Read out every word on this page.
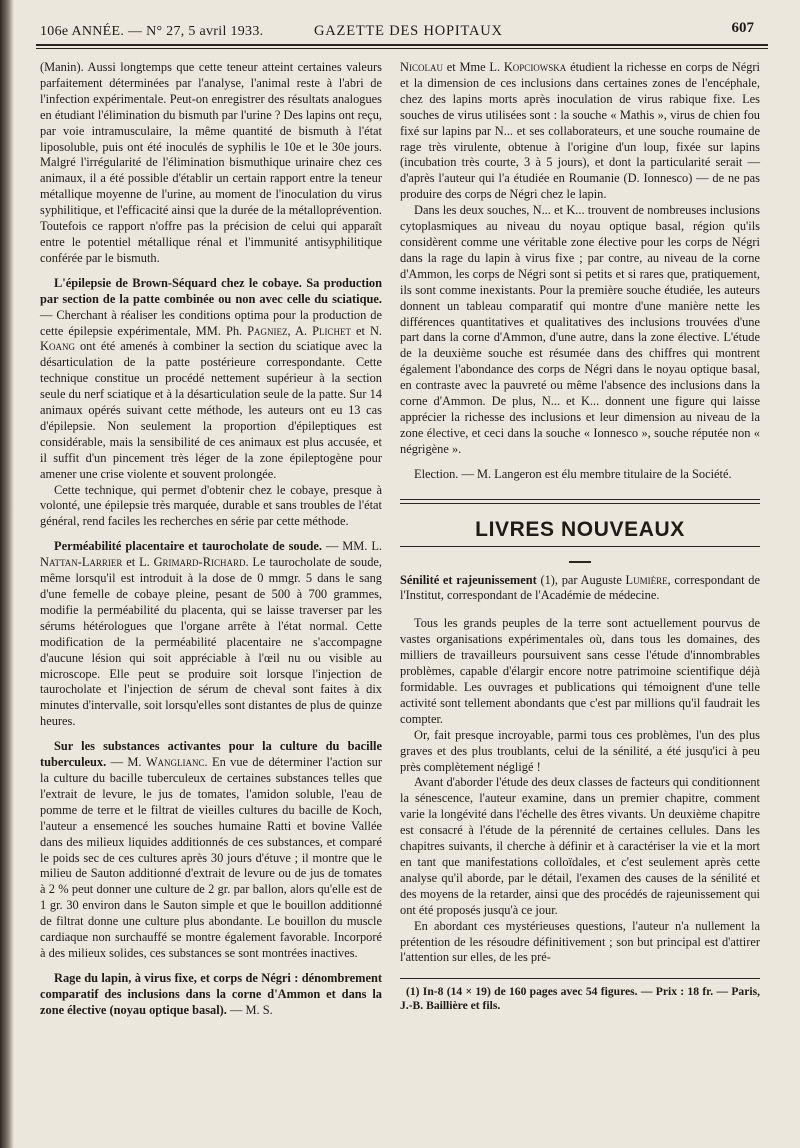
106e ANNÉE. — N° 27, 5 avril 1933.	GAZETTE DES HOPITAUX	607

(Manin). Aussi longtemps que cette teneur atteint certaines valeurs parfaitement déterminées par l'analyse, l'animal reste à l'abri de l'infection expérimentale. Peut-on enregistrer des résultats analogues en étudiant l'élimination du bismuth par l'urine ? Des lapins ont reçu, par voie intramusculaire, la même quantité de bismuth à l'état liposoluble, puis ont été inoculés de syphilis le 10e et le 30e jours. Malgré l'irrégularité de l'élimination bismuthique urinaire chez ces animaux, il a été possible d'établir un certain rapport entre la teneur métallique moyenne de l'urine, au moment de l'inoculation du virus syphilitique, et l'efficacité ainsi que la durée de la métalloprévention. Toutefois ce rapport n'offre pas la précision de celui qui apparaît entre le potentiel métallique rénal et l'immunité antisyphilitique conférée par le bismuth.

L'épilepsie de Brown-Séquard chez le cobaye. Sa production par section de la patte combinée ou non avec celle du sciatique. — Cherchant à réaliser les conditions optima pour la production de cette épilepsie expérimentale, MM. Ph. Pagniez, A. Plichet et N. Koang ont été amenés à combiner la section du sciatique avec la désarticulation de la patte postérieure correspondante. Cette technique constitue un procédé nettement supérieur à la section seule du nerf sciatique et à la désarticulation seule de la patte. Sur 14 animaux opérés suivant cette méthode, les auteurs ont eu 13 cas d'épilepsie. Non seulement la proportion d'épileptiques est considérable, mais la sensibilité de ces animaux est plus accusée, et il suffit d'un pincement très léger de la zone épileptogène pour amener une crise violente et souvent prolongée.

Cette technique, qui permet d'obtenir chez le cobaye, presque à volonté, une épilepsie très marquée, durable et sans troubles de l'état général, rend faciles les recherches en série par cette méthode.

Perméabilité placentaire et taurocholate de soude. — MM. L. Nattan-Larrier et L. Grimard-Richard. Le taurocholate de soude, même lorsqu'il est introduit à la dose de 0 mmgr. 5 dans le sang d'une femelle de cobaye pleine, pesant de 500 à 700 grammes, modifie la perméabilité du placenta, qui se laisse traverser par les sérums hétérologues que l'organe arrête à l'état normal. Cette modification de la perméabilité placentaire ne s'accompagne d'aucune lésion qui soit appréciable à l'œil nu ou visible au microscope. Elle peut se produire soit lorsque l'injection de taurocholate et l'injection de sérum de cheval sont faites à dix minutes d'intervalle, soit lorsqu'elles sont distantes de plus de quinze heures.

Sur les substances activantes pour la culture du bacille tuberculeux. — M. Wanglianc. En vue de déterminer l'action sur la culture du bacille tuberculeux de certaines substances telles que l'extrait de levure, le jus de tomates, l'amidon soluble, l'eau de pomme de terre et le filtrat de vieilles cultures du bacille de Koch, l'auteur a ensemencé les souches humaine Ratti et bovine Vallée dans des milieux liquides additionnés de ces substances, et comparé le poids sec de ces cultures après 30 jours d'étuve ; il montre que le milieu de Sauton additionné d'extrait de levure ou de jus de tomates à 2 % peut donner une culture de 2 gr. par ballon, alors qu'elle est de 1 gr. 30 environ dans le Sauton simple et que le bouillon additionné de filtrat donne une culture plus abondante. Le bouillon du muscle cardiaque non surchauffé se montre également favorable. Incorporé à des milieux solides, ces substances se sont montrées inactives.

Rage du lapin, à virus fixe, et corps de Négri : dénombrement comparatif des inclusions dans la corne d'Ammon et dans la zone élective (noyau optique basal). — M. S.

Nicolau et Mme L. Kopciowska étudient la richesse en corps de Négri et la dimension de ces inclusions dans certaines zones de l'encéphale, chez des lapins morts après inoculation de virus rabique fixe. Les souches de virus utilisées sont : la souche « Mathis », virus de chien fou fixé sur lapins par N... et ses collaborateurs, et une souche roumaine de rage très virulente, obtenue à l'origine d'un loup, fixée sur lapins (incubation très courte, 3 à 5 jours), et dont la particularité serait — d'après l'auteur qui l'a étudiée en Roumanie (D. Ionnesco) — de ne pas produire des corps de Négri chez le lapin.

Dans les deux souches, N... et K... trouvent de nombreuses inclusions cytoplasmiques au niveau du noyau optique basal, région qu'ils considèrent comme une véritable zone élective pour les corps de Négri dans la rage du lapin à virus fixe ; par contre, au niveau de la corne d'Ammon, les corps de Négri sont si petits et si rares que, pratiquement, ils sont comme inexistants. Pour la première souche étudiée, les auteurs donnent un tableau comparatif qui montre d'une manière nette les différences quantitatives et qualitatives des inclusions trouvées d'une part dans la corne d'Ammon, d'une autre, dans la zone élective. L'étude de la deuxième souche est résumée dans des chiffres qui montrent également l'abondance des corps de Négri dans le noyau optique basal, en contraste avec la pauvreté ou même l'absence des inclusions dans la corne d'Ammon. De plus, N... et K... donnent une figure qui laisse apprécier la richesse des inclusions et leur dimension au niveau de la zone élective, et ceci dans la souche « Ionnesco », souche réputée non « négrigène ».

Election. — M. Langeron est élu membre titulaire de la Société.

LIVRES NOUVEAUX

Sénilité et rajeunissement (1), par Auguste Lumière, correspondant de l'Institut, correspondant de l'Académie de médecine.

Tous les grands peuples de la terre sont actuellement pourvus de vastes organisations expérimentales où, dans tous les domaines, des milliers de travailleurs poursuivent sans cesse l'étude d'innombrables problèmes, capable d'élargir encore notre patrimoine scientifique déjà formidable. Les ouvrages et publications qui témoignent d'une telle activité sont tellement abondants que c'est par millions qu'il faudrait les compter.

Or, fait presque incroyable, parmi tous ces problèmes, l'un des plus graves et des plus troublants, celui de la sénilité, a été jusqu'ici à peu près complètement négligé !

Avant d'aborder l'étude des deux classes de facteurs qui conditionnent la sénescence, l'auteur examine, dans un premier chapitre, comment varie la longévité dans l'échelle des êtres vivants. Un deuxième chapitre est consacré à l'étude de la pérennité de certaines cellules. Dans les chapitres suivants, il cherche à définir et à caractériser la vie et la mort en tant que manifestations colloïdales, et c'est seulement après cette analyse qu'il aborde, par le détail, l'examen des causes de la sénilité et des moyens de la retarder, ainsi que des procédés de rajeunissement qui ont été proposés jusqu'à ce jour.

En abordant ces mystérieuses questions, l'auteur n'a nullement la prétention de les résoudre définitivement ; son but principal est d'attirer l'attention sur elles, de les pré-

(1) In-8 (14 × 19) de 160 pages avec 54 figures. — Prix : 18 fr. — Paris, J.-B. Baillière et fils.
